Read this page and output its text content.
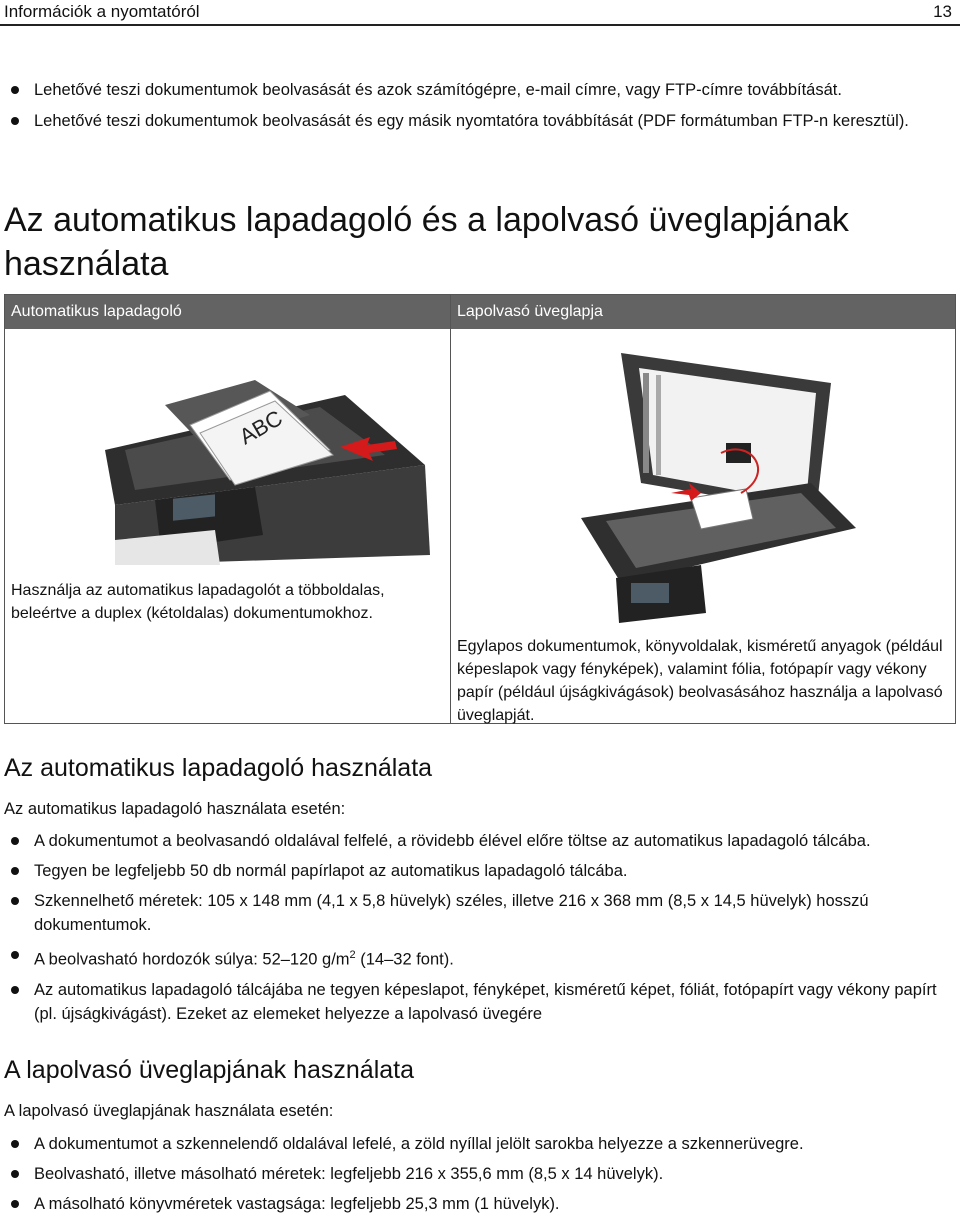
Információk a nyomtatóról	13
Lehetővé teszi dokumentumok beolvasását és azok számítógépre, e-mail címre, vagy FTP-címre továbbítását.
Lehetővé teszi dokumentumok beolvasását és egy másik nyomtatóra továbbítását (PDF formátumban FTP-n keresztül).
Az automatikus lapadagoló és a lapolvasó üveglapjának használata
Automatikus lapadagoló
ABC
Használja az automatikus lapadagolót a többoldalas, beleértve a duplex (kétoldalas) dokumentumokhoz.
Lapolvasó üveglapja
Egylapos dokumentumok, könyvoldalak, kisméretű anyagok (például képeslapok vagy fényképek), valamint fólia, fotópapír vagy vékony papír (például újságkivágások) beolvasásához használja a lapolvasó üveglapját.
Az automatikus lapadagoló használata

Az automatikus lapadagoló használata esetén:

A dokumentumot a beolvasandó oldalával felfelé, a rövidebb élével előre töltse az automatikus lapadagoló tálcába.
Tegyen be legfeljebb 50 db normál papírlapot az automatikus lapadagoló tálcába.
Szkennelhető méretek: 105 x 148 mm (4,1 x 5,8 hüvelyk) széles, illetve 216 x 368 mm (8,5 x 14,5 hüvelyk) hosszú dokumentumok.
A beolvasható hordozók súlya: 52–120 $g/m^2$ (14–32 font).
Az automatikus lapadagoló tálcájába ne tegyen képeslapot, fényképet, kisméretű képet, fóliát, fotópapírt vagy vékony papírt (pl. újságkivágást). Ezeket az elemeket helyezze a lapolvasó üvegére
A lapolvasó üveglapjának használata

A lapolvasó üveglapjának használata esetén:

A dokumentumot a szkennelendő oldalával lefelé, a zöld nyíllal jelölt sarokba helyezze a szkennerüvegre.
Beolvasható, illetve másolható méretek: legfeljebb 216 x 355,6 mm (8,5 x 14 hüvelyk).
A másolható könyvméretek vastagsága: legfeljebb 25,3 mm (1 hüvelyk).
